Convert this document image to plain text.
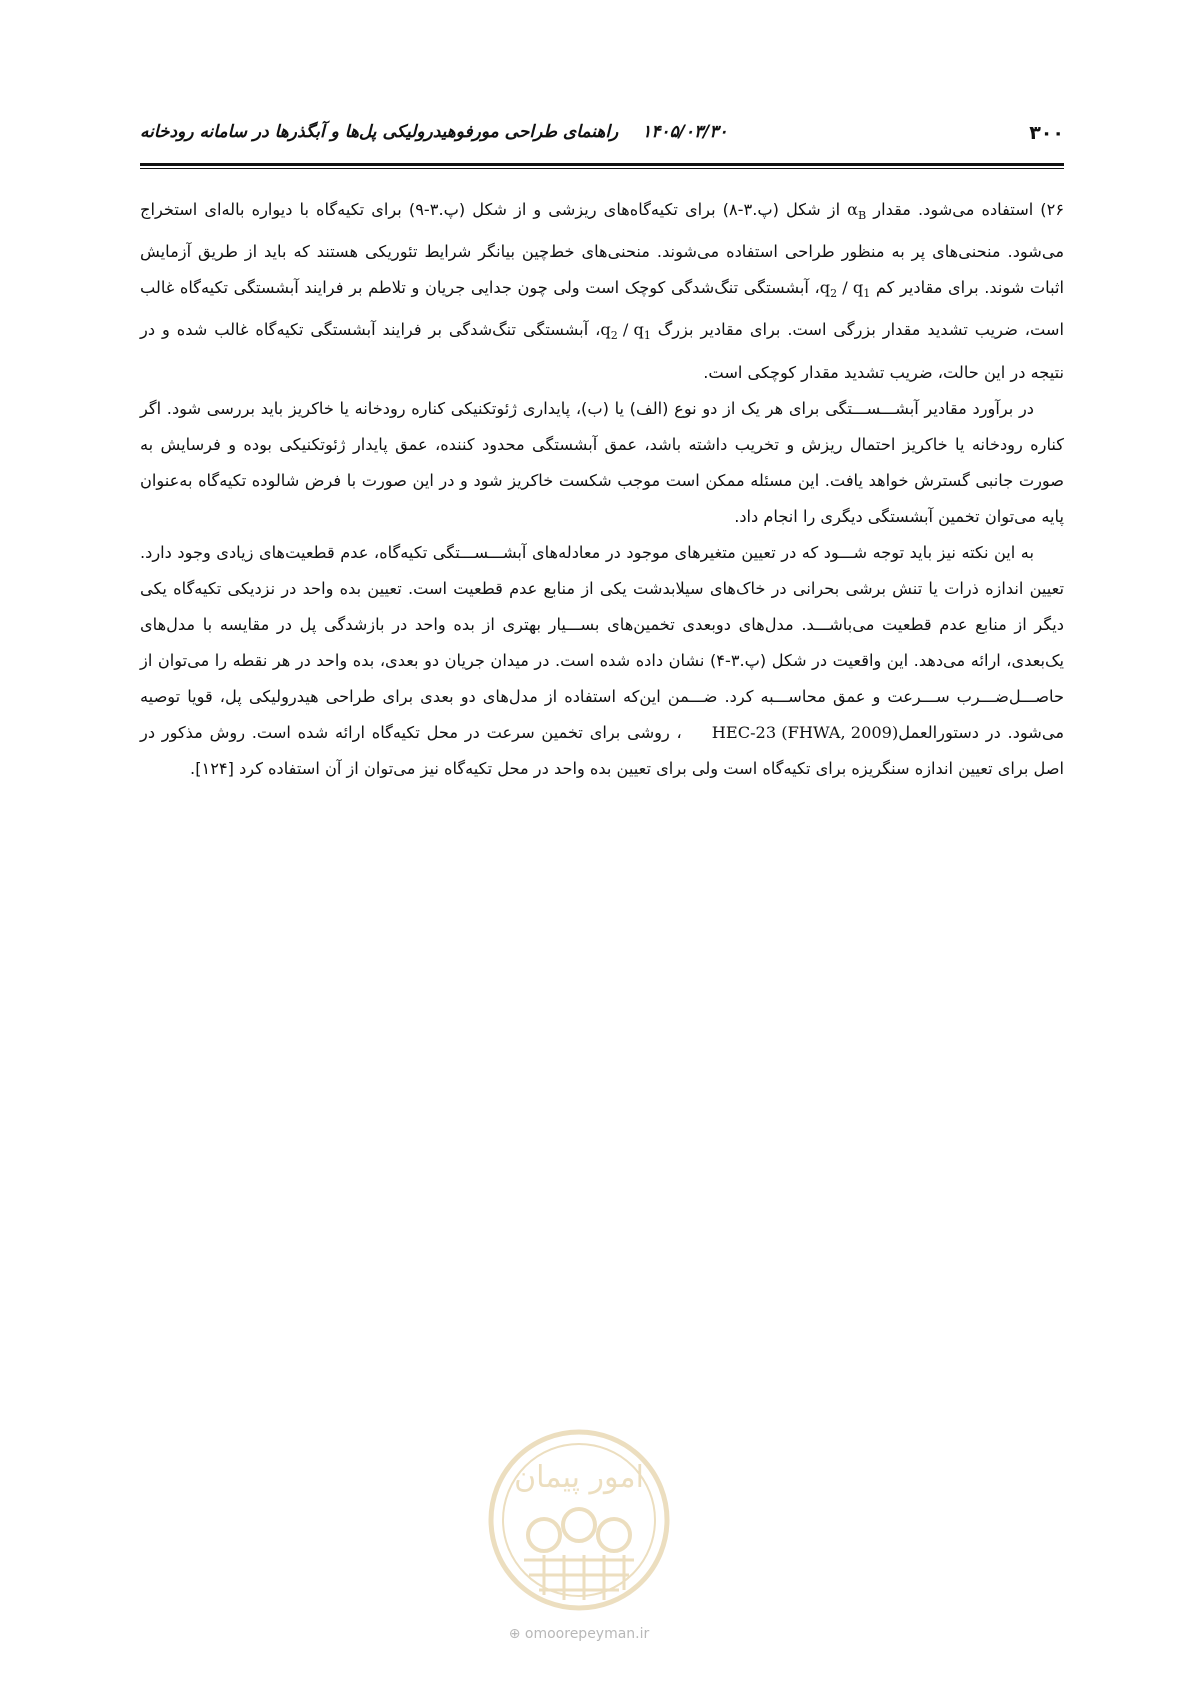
۳۰۰
۱۴۰۵/۰۳/۳۰ راهنمای طراحی مورفوهیدرولیکی پل‌ها و آبگذرها در سامانه رودخانه

۲۶) استفاده می‌شود. مقدار $\alpha_B$ از شکل (پ.۳-۸) برای تکیه‌گاه‌های ریزشی و از شکل (پ.۳-۹) برای تکیه‌گاه با دیواره باله‌ای استخراج می‌شود. منحنی‌های پر به منظور طراحی استفاده می‌شوند. منحنی‌های خط‌چین بیانگر شرایط تئوریکی هستند که باید از طریق آزمایش اثبات شوند. برای مقادیر کم $q_2$ / $q_1،$ آبشستگی تنگ‌شدگی کوچک است ولی چون جدایی جریان و تلاطم بر فرایند آبشستگی تکیه‌گاه غالب است، ضریب تشدید مقدار بزرگی است. برای مقادیر بزرگ $q_2$ / $q_1،$ آبشستگی تنگ‌شدگی بر فرایند آبشستگی تکیه‌گاه غالب شده و در نتیجه در این حالت، ضریب تشدید مقدار کوچکی است.

در برآورد مقادیر آبشـــســـتگی برای هر یک از دو نوع (الف) یا (ب)، پایداری ژئوتکنیکی کناره رودخانه یا خاکریز باید بررسی شود. اگر کناره رودخانه یا خاکریز احتمال ریزش و تخریب داشته باشد، عمق آبشستگی محدود کننده، عمق پایدار ژئوتکنیکی بوده و فرسایش به صورت جانبی گسترش خواهد یافت. این مسئله ممکن است موجب شکست خاکریز شود و در این صورت با فرض شالوده تکیه‌گاه به‌عنوان پایه می‌توان تخمین آبشستگی دیگری را انجام داد.

به این نکته نیز باید توجه شـــود که در تعیین متغیرهای موجود در معادله‌های آبشـــســـتگی تکیه‌گاه، عدم قطعیت‌های زیادی وجود دارد. تعیین اندازه ذرات یا تنش برشی بحرانی در خاک‌های سیلابدشت یکی از منابع عدم قطعیت است. تعیین بده واحد در نزدیکی تکیه‌گاه یکی دیگر از منابع عدم قطعیت می‌باشـــد. مدل‌های دوبعدی تخمین‌های بســـیار بهتری از بده واحد در بازشدگی پل در مقایسه با مدل‌های یک‌بعدی، ارائه می‌دهد. این واقعیت در شکل (پ.۳-۴) نشان داده شده است. در میدان جریان دو بعدی، بده واحد در هر نقطه را می‌توان از حاصـــل‌ضـــرب ســـرعت و عمق محاســـبه کرد. ضـــمن این‌که استفاده از مدل‌های دو بعدی برای طراحی هیدرولیکی پل، قویا توصیه می‌شود. در دستورالعملHEC-23 (FHWA, 2009)، روشی برای تخمین سرعت در محل تکیه‌گاه ارائه شده است. روش مذکور در اصل برای تعیین اندازه سنگریزه برای تکیه‌گاه است ولی برای تعیین بده واحد در محل تکیه‌گاه نیز می‌توان از آن استفاده کرد [۱۲۴].

امور پیمان
⊕ omoorepeyman.ir
